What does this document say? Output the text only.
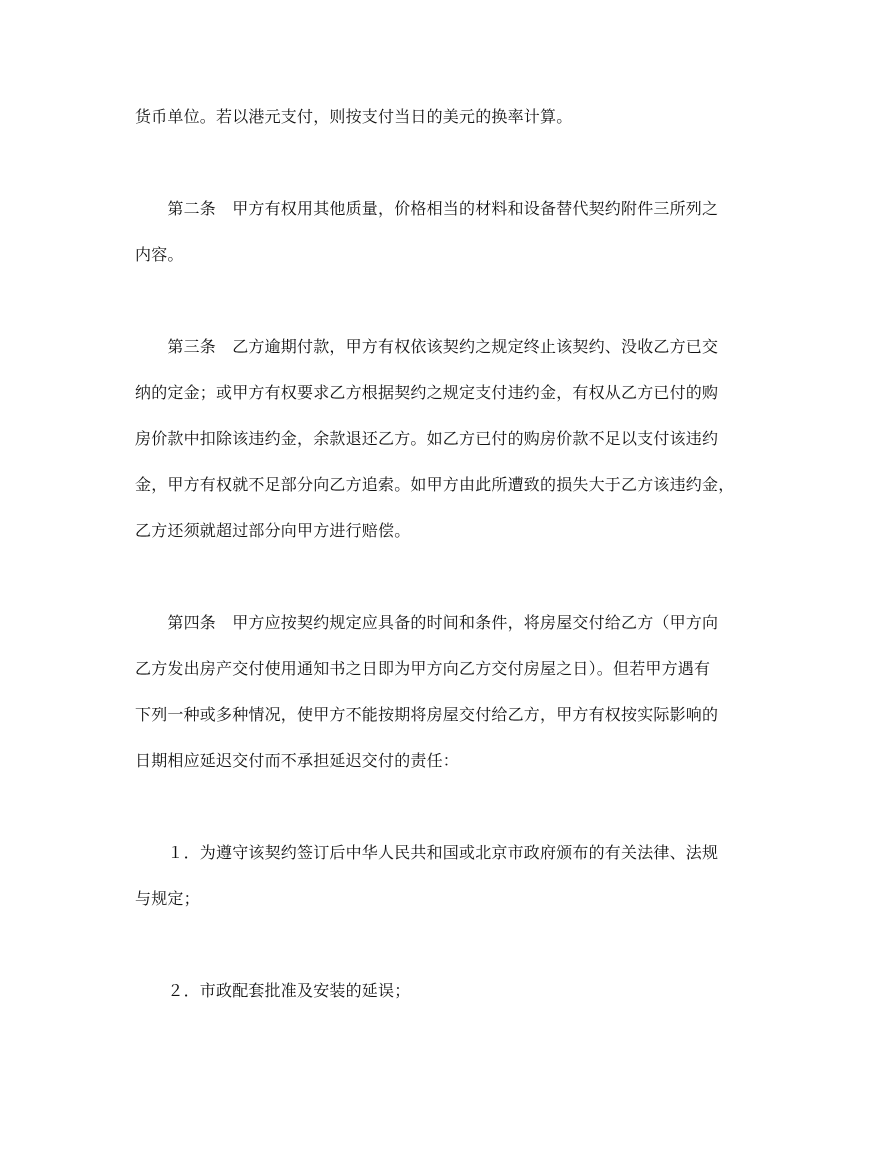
货币单位。若以港元支付，则按支付当日的美元的换率计算。
　　第二条　甲方有权用其他质量，价格相当的材料和设备替代契约附件三所列之
内容。
　　第三条　乙方逾期付款，甲方有权依该契约之规定终止该契约、没收乙方已交
纳的定金；或甲方有权要求乙方根据契约之规定支付违约金，有权从乙方已付的购
房价款中扣除该违约金，余款退还乙方。如乙方已付的购房价款不足以支付该违约
金，甲方有权就不足部分向乙方追索。如甲方由此所遭致的损失大于乙方该违约金，
乙方还须就超过部分向甲方进行赔偿。
　　第四条　甲方应按契约规定应具备的时间和条件，将房屋交付给乙方（甲方向
乙方发出房产交付使用通知书之日即为甲方向乙方交付房屋之日）。但若甲方遇有
下列一种或多种情况，使甲方不能按期将房屋交付给乙方，甲方有权按实际影响的
日期相应延迟交付而不承担延迟交付的责任：
　　１．为遵守该契约签订后中华人民共和国或北京市政府颁布的有关法律、法规
与规定；
　　２．市政配套批准及安装的延误；
